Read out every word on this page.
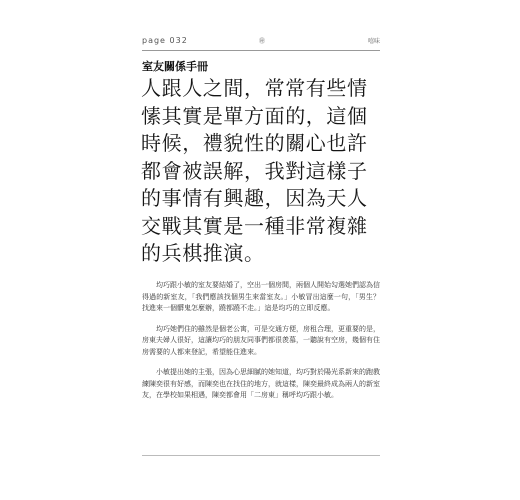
page 032	㊙	嘻味
室友關係手冊
人跟人之間，常常有些情
愫其實是單方面的，這個
時候，禮貌性的關心也許
都會被誤解，我對這樣子
的事情有興趣，因為天人
交戰其實是一種非常複雜
的兵棋推演。

均巧跟小敏的室友要結婚了，空出一個房間，兩個人開始勾選她們認為信得過的新室友，「我們應該找個男生來當室友。」小敏冒出這麼一句，「男生？找進來一個髒鬼怎麼辦，蹺都蹺不走。」這是均巧的立即反應。

均巧她們住的雖然是個老公寓，可是交通方便，房租合理，更重要的是，房東夫婦人很好，這讓均巧的朋友同事們都很羨慕，一聽說有空房，幾個有住房需要的人都來登記，希望能住進來。

小敏提出她的主張，因為心思細膩的她知道，均巧對於陽光系新來的跑教練陳奕很有好感，而陳奕也在找住的地方，就這樣，陳奕最終成為兩人的新室友，在學校如果相遇，陳奕都會用「二房東」稱呼均巧跟小敏。
